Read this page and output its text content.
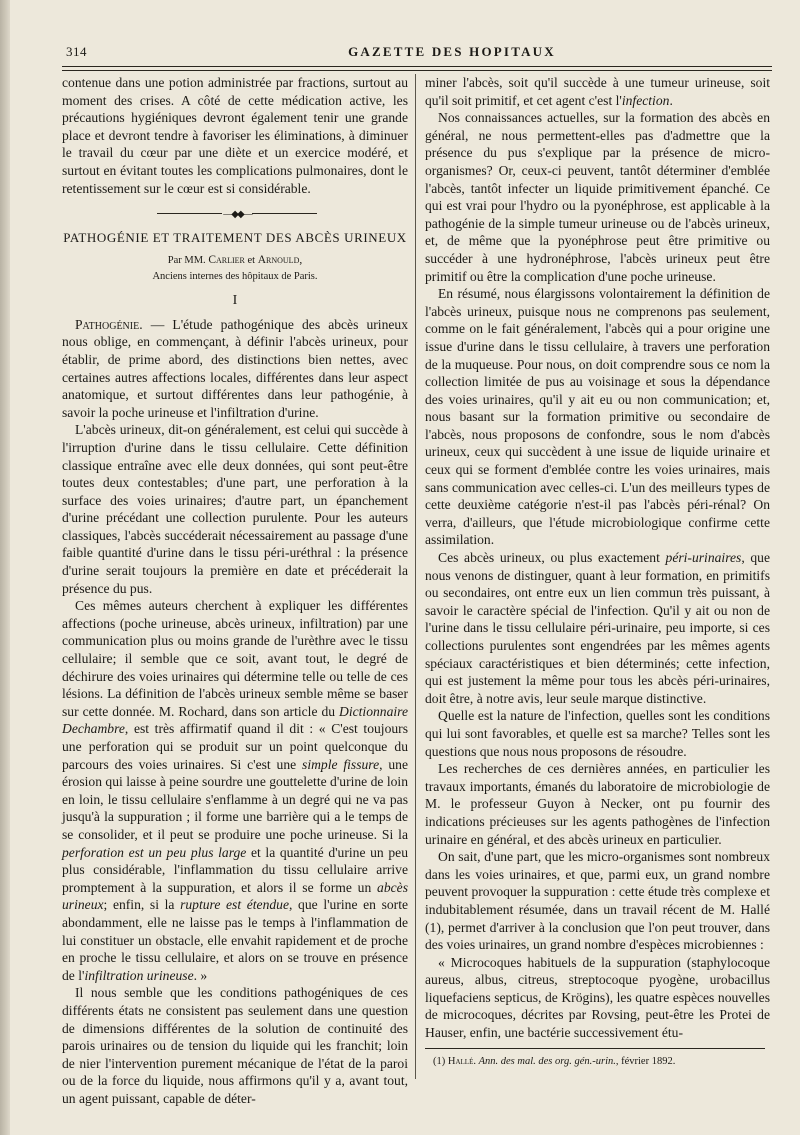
314	GAZETTE DES HOPITAUX

contenue dans une potion administrée par fractions, surtout au moment des crises. A côté de cette médication active, les précautions hygiéniques devront également tenir une grande place et devront tendre à favoriser les éliminations, à diminuer le travail du cœur par une diète et un exercice modéré, et surtout en évitant toutes les complications pulmonaires, dont le retentissement sur le cœur est si considérable.

—◆◆—
PATHOGÉNIE ET TRAITEMENT DES ABCÈS URINEUX
Par MM. Carlier et Arnould,
Anciens internes des hôpitaux de Paris.
I

Pathogénie. — L'étude pathogénique des abcès urineux nous oblige, en commençant, à définir l'abcès urineux, pour établir, de prime abord, des distinctions bien nettes, avec certaines autres affections locales, différentes dans leur aspect anatomique, et surtout différentes dans leur pathogénie, à savoir la poche urineuse et l'infiltration d'urine.

L'abcès urineux, dit-on généralement, est celui qui succède à l'irruption d'urine dans le tissu cellulaire. Cette définition classique entraîne avec elle deux données, qui sont peut-être toutes deux contestables; d'une part, une perforation à la surface des voies urinaires; d'autre part, un épanchement d'urine précédant une collection purulente. Pour les auteurs classiques, l'abcès succéderait nécessairement au passage d'une faible quantité d'urine dans le tissu péri-uréthral : la présence d'urine serait toujours la première en date et précéderait la présence du pus.

Ces mêmes auteurs cherchent à expliquer les différentes affections (poche urineuse, abcès urineux, infiltration) par une communication plus ou moins grande de l'urèthre avec le tissu cellulaire; il semble que ce soit, avant tout, le degré de déchirure des voies urinaires qui détermine telle ou telle de ces lésions. La définition de l'abcès urineux semble même se baser sur cette donnée. M. Rochard, dans son article du Dictionnaire Dechambre, est très affirmatif quand il dit : « C'est toujours une perforation qui se produit sur un point quelconque du parcours des voies urinaires. Si c'est une simple fissure, une érosion qui laisse à peine sourdre une gouttelette d'urine de loin en loin, le tissu cellulaire s'enflamme à un degré qui ne va pas jusqu'à la suppuration ; il forme une barrière qui a le temps de se consolider, et il peut se produire une poche urineuse. Si la perforation est un peu plus large et la quantité d'urine un peu plus considérable, l'inflammation du tissu cellulaire arrive promptement à la suppuration, et alors il se forme un abcès urineux; enfin, si la rupture est étendue, que l'urine en sorte abondamment, elle ne laisse pas le temps à l'inflammation de lui constituer un obstacle, elle envahit rapidement et de proche en proche le tissu cellulaire, et alors on se trouve en présence de l'infiltration urineuse. »

Il nous semble que les conditions pathogéniques de ces différents états ne consistent pas seulement dans une question de dimensions différentes de la solution de continuité des parois urinaires ou de tension du liquide qui les franchit; loin de nier l'intervention purement mécanique de l'état de la paroi ou de la force du liquide, nous affirmons qu'il y a, avant tout, un agent puissant, capable de déter-

miner l'abcès, soit qu'il succède à une tumeur urineuse, soit qu'il soit primitif, et cet agent c'est l'infection.

Nos connaissances actuelles, sur la formation des abcès en général, ne nous permettent-elles pas d'admettre que la présence du pus s'explique par la présence de micro-organismes? Or, ceux-ci peuvent, tantôt déterminer d'emblée l'abcès, tantôt infecter un liquide primitivement épanché. Ce qui est vrai pour l'hydro ou la pyonéphrose, est applicable à la pathogénie de la simple tumeur urineuse ou de l'abcès urineux, et, de même que la pyonéphrose peut être primitive ou succéder à une hydronéphrose, l'abcès urineux peut être primitif ou être la complication d'une poche urineuse.

En résumé, nous élargissons volontairement la définition de l'abcès urineux, puisque nous ne comprenons pas seulement, comme on le fait généralement, l'abcès qui a pour origine une issue d'urine dans le tissu cellulaire, à travers une perforation de la muqueuse. Pour nous, on doit comprendre sous ce nom la collection limitée de pus au voisinage et sous la dépendance des voies urinaires, qu'il y ait eu ou non communication; et, nous basant sur la formation primitive ou secondaire de l'abcès, nous proposons de confondre, sous le nom d'abcès urineux, ceux qui succèdent à une issue de liquide urinaire et ceux qui se forment d'emblée contre les voies urinaires, mais sans communication avec celles-ci. L'un des meilleurs types de cette deuxième catégorie n'est-il pas l'abcès péri-rénal? On verra, d'ailleurs, que l'étude microbiologique confirme cette assimilation.

Ces abcès urineux, ou plus exactement péri-urinaires, que nous venons de distinguer, quant à leur formation, en primitifs ou secondaires, ont entre eux un lien commun très puissant, à savoir le caractère spécial de l'infection. Qu'il y ait ou non de l'urine dans le tissu cellulaire péri-urinaire, peu importe, si ces collections purulentes sont engendrées par les mêmes agents spéciaux caractéristiques et bien déterminés; cette infection, qui est justement la même pour tous les abcès péri-urinaires, doit être, à notre avis, leur seule marque distinctive.

Quelle est la nature de l'infection, quelles sont les conditions qui lui sont favorables, et quelle est sa marche? Telles sont les questions que nous nous proposons de résoudre.

Les recherches de ces dernières années, en particulier les travaux importants, émanés du laboratoire de microbiologie de M. le professeur Guyon à Necker, ont pu fournir des indications précieuses sur les agents pathogènes de l'infection urinaire en général, et des abcès urineux en particulier.

On sait, d'une part, que les micro-organismes sont nombreux dans les voies urinaires, et que, parmi eux, un grand nombre peuvent provoquer la suppuration : cette étude très complexe et indubitablement résumée, dans un travail récent de M. Hallé (1), permet d'arriver à la conclusion que l'on peut trouver, dans des voies urinaires, un grand nombre d'espèces microbiennes :

« Microcoques habituels de la suppuration (staphylocoque aureus, albus, citreus, streptocoque pyogène, urobacillus liquefaciens septicus, de Krögins), les quatre espèces nouvelles de microcoques, décrites par Rovsing, peut-être les Protei de Hauser, enfin, une bactérie successivement étu-

(1) Hallé. Ann. des mal. des org. gén.-urin., février 1892.
